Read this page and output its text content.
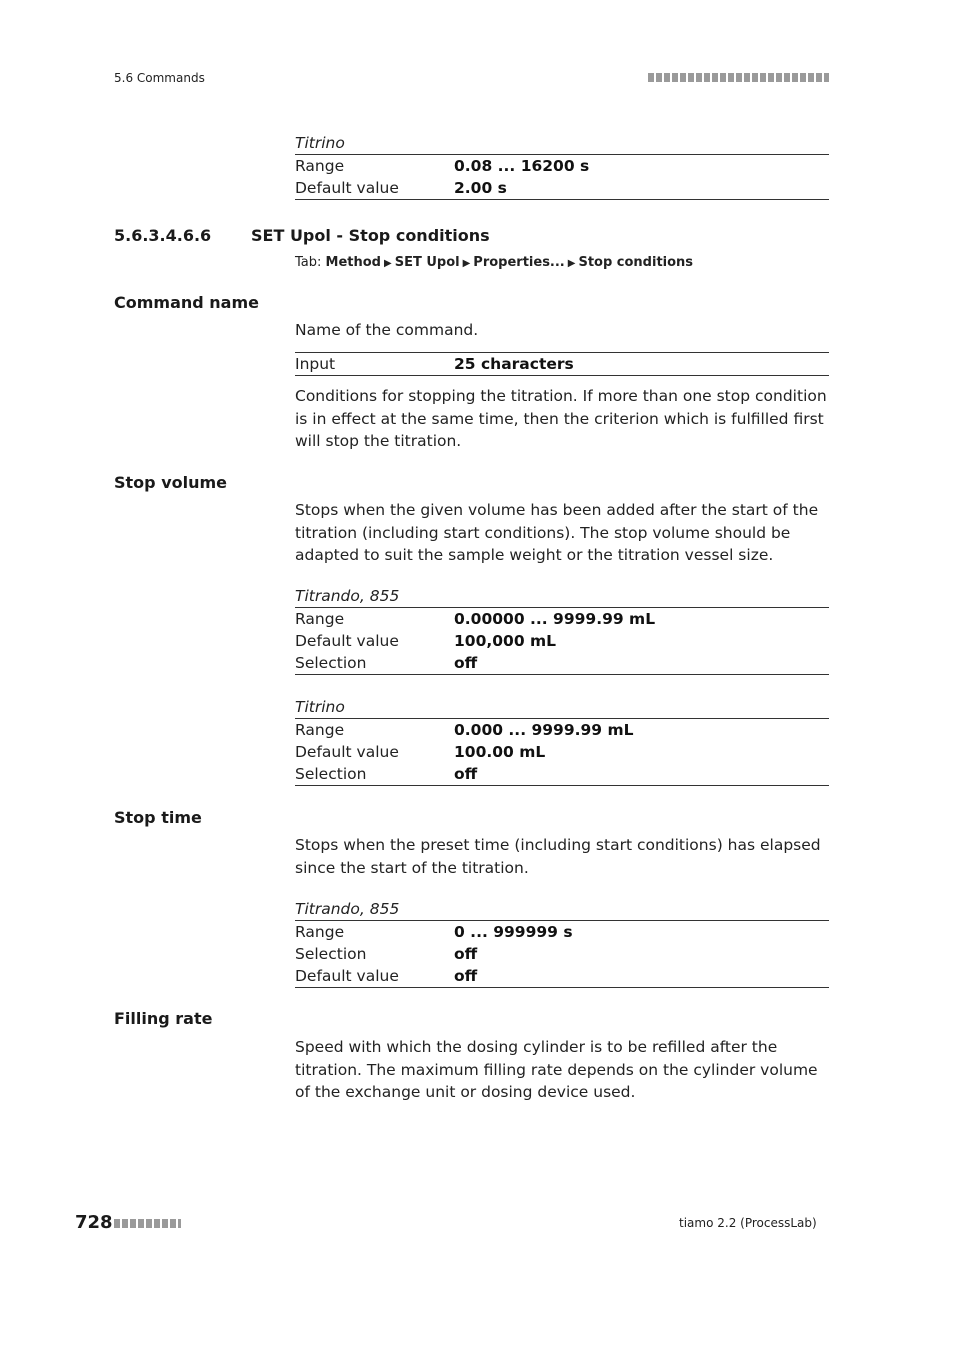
5.6 Commands
Titrino
Range	0.08 ... 16200 s
Default value	2.00 s
5.6.3.4.6.6 SET Upol - Stop conditions
Tab: Method ▶ SET Upol ▶ Properties... ▶ Stop conditions
Command name
Name of the command.
Input	25 characters
Conditions for stopping the titration. If more than one stop condition is in effect at the same time, then the criterion which is fulfilled first will stop the titration.
Stop volume
Stops when the given volume has been added after the start of the titration (including start conditions). The stop volume should be adapted to suit the sample weight or the titration vessel size.
Titrando, 855
Range	0.00000 ... 9999.99 mL
Default value	100,000 mL
Selection	off
Titrino
Range	0.000 ... 9999.99 mL
Default value	100.00 mL
Selection	off
Stop time
Stops when the preset time (including start conditions) has elapsed since the start of the titration.
Titrando, 855
Range	0 ... 999999 s
Selection	off
Default value	off
Filling rate
Speed with which the dosing cylinder is to be refilled after the titration. The maximum filling rate depends on the cylinder volume of the exchange unit or dosing device used.
728	tiamo 2.2 (ProcessLab)
